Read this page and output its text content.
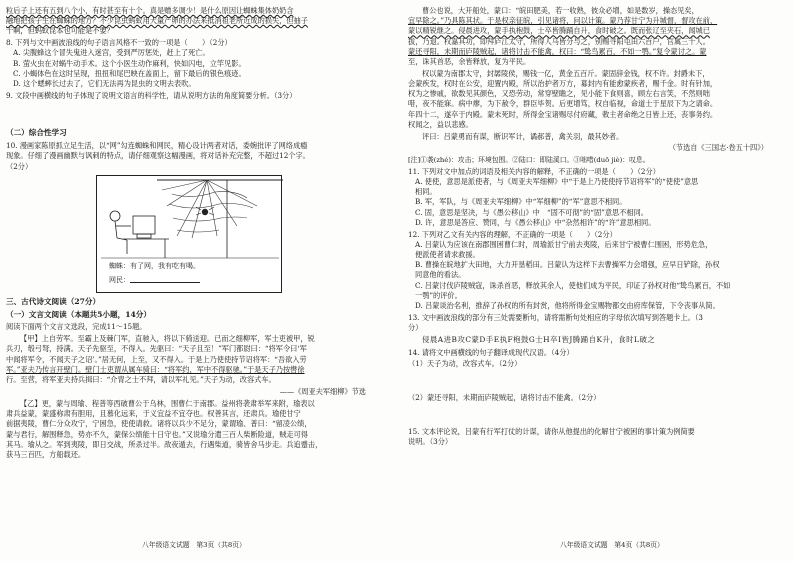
粒后子上还有五到八个小，有时甚至有十个。真是赠多调少！是什么原因让蜘蛛集体奶奶含
融地把孩子生在蜘蛛的地方？不少昆虫蚂蚁用大量产卵的办法来抵消祖老所近成的损失，但抽子
干啊，但蚂蚁昆本也可能是不要？
8. 下列与文中画波浪线的句子语言风格不一致的一项是（　　）（2分）
A. 尖腹蜂这个冒失鬼进入迷宫，受到严厉惩处，赶上了死亡。
B. 萤火虫在对蜗牛动手术。这个小医生动作麻利，快如闪电，立竿见影。
C. 小蝎体色在这时呈现，扭扭和尾巴映在盖面上，留下最后的银色痕迹。
D. 这个蟋蟀长过去了，它们无法再为昆虫的文明去表吹。
9. 文段中画横线的句子体现了说明文语言的科学性，请从说明方法的角度简要分析。（3分）
（二）综合性学习
10. 漫画家陈原抓立足生活，以“网”勾连蜘蛛和网民，精心设计两者对话，委婉批评了网络成瘾
现象。仔细了漫画幽默与讽刺的特点，请仔细观察这幅漫画，将对话补充完整，不超过12个字。
（2分）
蜘蛛：有了网，我有吃有喝。
网民：
三、古代诗文阅读（27分）
（一）文言文阅读（本题共5小题，14分）
阅读下面两个文言文选段，完成11～15题。
【甲】上自劳军。至霸上及棘门军，直驰入，将以下骑送迎。已而之细柳军，军士吏被甲，锐
兵刃，彀弓弩，持满。天子先驱至，不得入。先驱曰：“天子且至！”军门都尉曰：“将军令曰‘军
中闻将军令，不闻天子之诏’。”居无何，上至，又不得入。于是上乃使使持节诏将军：“吾欲入劳
军。”亚夫乃传言开壁门。壁门士吏谓从属车骑曰：“将军约，军中不得驱驰。”于是天子乃按辔徐
行。至营，将军亚夫持兵揖曰：“介胄之士不拜，请以军礼见。”天子为动，改容式车。
——《周亚夫军细柳》节选
【乙】更，蒙与周瑜、程普等西破曹公于乌林，围曹仁于南郡。益州将袭肃举军来附，瑜表以
肃兵益蒙，蒙盛称肃有胆用，且慕化远来，于义宜益不宜夺也。权善其言，还肃兵。瑜使甘宁
前据夷陵，曹仁分众攻宁，宁困急，使使请救。诸将以兵少不足分，蒙谓瑜、普曰：“留凌公绩，
蒙与君行，解围释急，势亦不久，蒙保公绩能十日守也。”又说瑜分遣三百人柴断险道，贼走可得
其马。瑜从之。军到夷陵，即日交战，所杀过半。敌夜遁去，行遇柴道，骑皆舍马步走。兵追蹙击，
获马三百匹，方船载还。
八年级语文试题　第3页（共8页）
曹公也说，大开船处，蒙口：“皖田肥美，若一收熟，彼众必增，如是数岁，操态见矣，
宜早除之。”乃具陈其状。于是权亲征皖，引见诸将，问以计策。蒙乃荐甘宁为升城督，督攻在前，
蒙以精锐继之。侵晨进攻，蒙手执枹鼓，士卒皆腾踊自升，食时破之。既而张辽至夹石，闻城已
拔，乃退。权嘉其功，即拜庐江太守，所得人马皆分与之，别赐寻阳屯田六百户，官属三十人。
蒙还寻阳，未期而庐陵贼起，诸将讨击不能禽，权曰：“鸷鸟累百，不如一鹗。”复令蒙讨之。蒙
至，诛其首恶，余皆释放，复为平民。
权以蒙为南郡太守，封孱陵侯，赐钱一亿，黄金五百斤。蒙固辞金钱，权不许。封爵未下，
会蒙疾发，权时在公安，迎置内殿，所以治护者万方，募封内有能愈蒙疾者，赐千金。时有针加，
权为之惨戚，欲数见其颜色，又恐劳动，常穿壁瞻之，见小能下食则喜，顾左右言笑，不然则咄
唶，夜不能寐。病中瘳，为下赦令，群臣毕贺。后更增笃，权自临视，命道士于星辰下为之请命。
年四十二，遂卒于内殿。蒙未死时，所得金宝诸赐尽付府藏，敕主者命绝之日皆上还，丧事务约。
权闻之，益以悲感。
评曰：吕蒙勇而有谋，断识军计，谲郝普，禽关羽，最其妙者。
（节选自《三国志·卷五十四》）
[注]①袭(zhé)：攻击；环境包围。②陆口：即陆溪口。③咄唶(duō jiè)：叹息。
11. 下列对文中加点的词语及相关内容的解释，不正确的一项是（　　）（2分）
A. 使使，意思是派使者，与《周亚夫军细柳》中“于是上乃使使持节诏将军”的“使使”意思
相同。
B. 军，军队，与《周亚夫军细柳》中“军细柳”的“军”意思不相同。
C. 固，意思是坚决，与《愚公移山》中　“固不可彻”的“固”意思不相同。
D. 许，意思是答应、赞同，与《愚公移山》中“杂然相许”的“许”意思相同。
12. 下列对乙文有关内容的理解，不正确的一项是（　　）（2分）
A. 吕蒙认为应该在南郡围困曹仁时，周瑜派甘宁前去夷陵，后来甘宁被曹仁围困，形势危急，
便派使者请求救援。
B. 曹操在皖地扩大田地，大力开垦稻田。吕蒙认为这样下去曹操军力会增强，应早日铲除，孙权
同意他的看法。
C. 吕蒙讨伐庐陵贼寇，诛杀首恶，释放其余人，使他们成为平民，印证了孙权对他“鸷鸟累百，不如
一鹗”的评价。
D. 吕蒙谈治名利，推辞了孙权的所有封赏，他将所得金宝赐物都交由府库保管，下令丧事从简。
13. 文中画波浪线的部分有三处需要断句，请将需断句处相应的字母依次填写到答题卡上。（3
分）
侵晨A进B攻C蒙D手E执F枹鼓G士H卒I皆J腾踊自K升，食时L破之
14. 请将文中画横线的句子翻译成现代汉语。（4分）
（1）天子为动，改容式车。（2分）
（2）蒙还寻阳，未期而庐陵贼起，诸将讨击不能禽。（2分）
15. 文本评论说，吕蒙有行军打仗的计谋，请你从他提出的化解甘宁被困的事计策为例简要
说明。（3分）
八年级语文试题　第4页（共8页）
